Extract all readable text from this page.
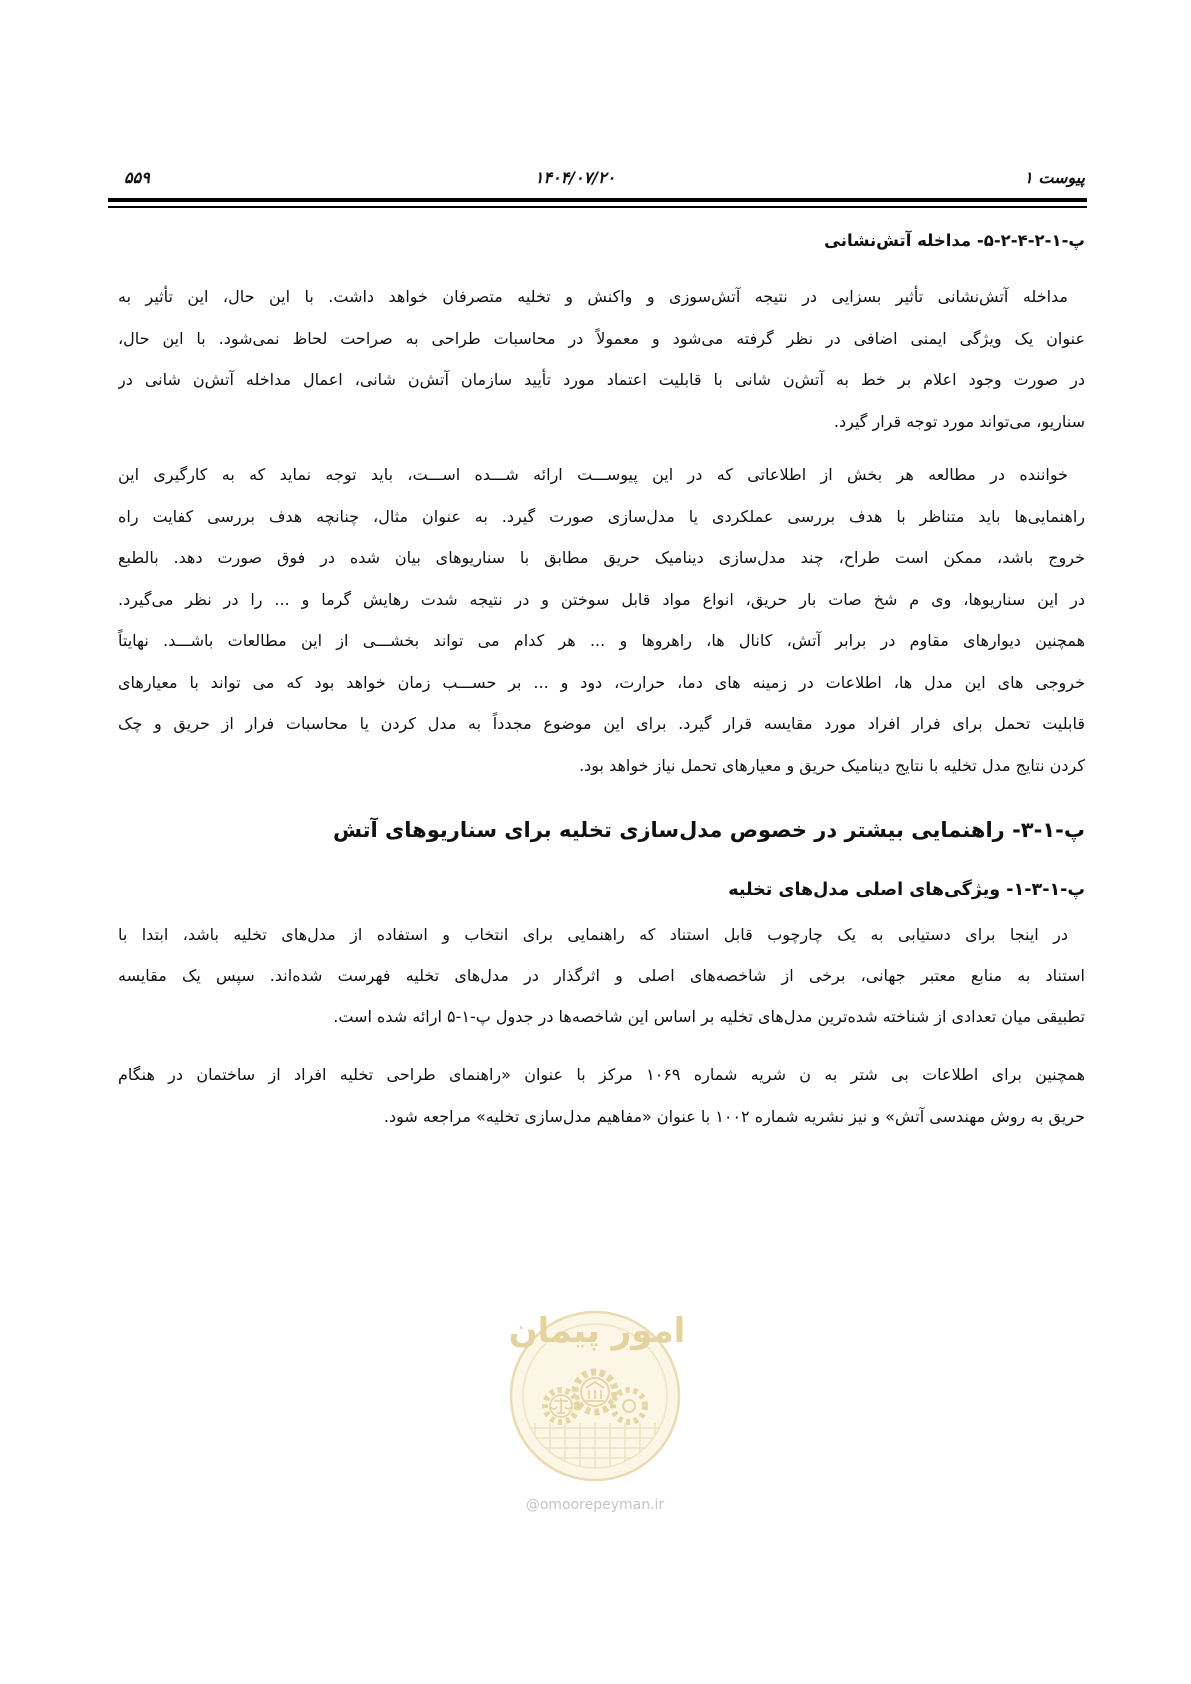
پیوست ۱
۱۴۰۴/۰۷/۲۰
۵۵۹
پ-۱-۲-۴-۲-۵- مداخله آتش‌نشانی
مداخله آتش‌نشانی تأثیر بسزایی در نتیجه آتش‌سوزی و واکنش و تخلیه متصرفان خواهد داشت. با این حال، این تأثیر به
عنوان یک ویژگی ایمنی اضافی در نظر گرفته می‌شود و معمولاً در محاسبات طراحی به صراحت لحاظ نمی‌شود. با این حال،
در صورت وجود اعلام بر خط به آتش‌ن شانی با قابلیت اعتماد مورد تأیید سازمان آتش‌ن شانی، اعمال مداخله آتش‌ن شانی در
سناریو، می‌تواند مورد توجه قرار گیرد.
خواننده در مطالعه هر بخش از اطلاعاتی که در این پیوســـت ارائه شـــده اســـت، باید توجه نماید که به کارگیری این
راهنمایی‌ها باید متناظر با هدف بررسی عملکردی یا مدل‌سازی صورت گیرد. به عنوان مثال، چنانچه هدف بررسی کفایت راه
خروج باشد، ممکن است طراح، چند مدل‌سازی دینامیک حریق مطابق با سناریوهای بیان شده در فوق صورت دهد. بالطبع
در این سناریوها، وی م شخ صات بار حریق، انواع مواد قابل سوختن و در نتیجه شدت رهایش گرما و ... را در نظر می‌گیرد.
همچنین دیوارهای مقاوم در برابر آتش، کانال ها، راهروها و ... هر کدام می تواند بخشـــی از این مطالعات باشـــد. نهایتاً
خروجی های این مدل ها، اطلاعات در زمینه های دما، حرارت، دود و ... بر حســـب زمان خواهد بود که می تواند با معیارهای
قابلیت تحمل برای فرار افراد مورد مقایسه قرار گیرد. برای این موضوع مجدداً به مدل کردن یا محاسبات فرار از حریق و چک
کردن نتایج مدل تخلیه با نتایج دینامیک حریق و معیارهای تحمل نیاز خواهد بود.
پ-۱-۳- راهنمایی بیشتر در خصوص مدل‌سازی تخلیه برای سناریوهای آتش
پ-۱-۳-۱- ویژگی‌های اصلی مدل‌های تخلیه
در اینجا برای دستیابی به یک چارچوب قابل استناد که راهنمایی برای انتخاب و استفاده از مدل‌های تخلیه باشد، ابتدا با
استناد به منابع معتبر جهانی، برخی از شاخصه‌های اصلی و اثرگذار در مدل‌های تخلیه فهرست شده‌اند. سپس یک مقایسه
تطبیقی میان تعدادی از شناخته شده‌ترین مدل‌های تخلیه بر اساس این شاخصه‌ها در جدول پ-۱-۵ ارائه شده است.
همچنین برای اطلاعات بی شتر به ن شریه شماره ۱۰۶۹ مرکز با عنوان «راهنمای طراحی تخلیه افراد از ساختمان در هنگام
حریق به روش مهندسی آتش» و نیز نشریه شماره ۱۰۰۲ با عنوان «مفاهیم مدل‌سازی تخلیه» مراجعه شود.
امور پیمان
@omoorepeyman.ir
